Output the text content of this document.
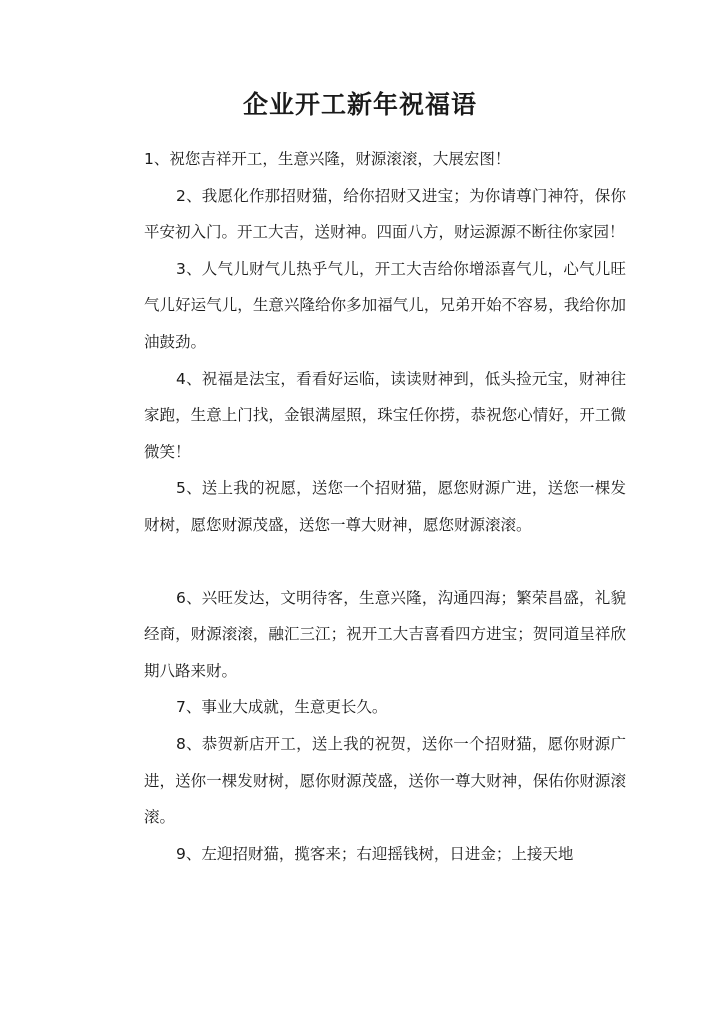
企业开工新年祝福语

1、祝您吉祥开工，生意兴隆，财源滚滚，大展宏图！

2、我愿化作那招财猫，给你招财又进宝；为你请尊门神符，保你平安初入门。开工大吉，送财神。四面八方，财运源源不断往你家园！

3、人气儿财气儿热乎气儿，开工大吉给你增添喜气儿，心气儿旺气儿好运气儿，生意兴隆给你多加福气儿，兄弟开始不容易，我给你加油鼓劲。

4、祝福是法宝，看看好运临，读读财神到，低头捡元宝，财神往家跑，生意上门找，金银满屋照，珠宝任你捞，恭祝您心情好，开工微微笑！

5、送上我的祝愿，送您一个招财猫，愿您财源广进，送您一棵发财树，愿您财源茂盛，送您一尊大财神，愿您财源滚滚。

6、兴旺发达，文明待客，生意兴隆，沟通四海；繁荣昌盛，礼貌经商，财源滚滚，融汇三江；祝开工大吉喜看四方进宝；贺同道呈祥欣期八路来财。

7、事业大成就，生意更长久。

8、恭贺新店开工，送上我的祝贺，送你一个招财猫，愿你财源广进，送你一棵发财树，愿你财源茂盛，送你一尊大财神，保佑你财源滚滚。

9、左迎招财猫，揽客来；右迎摇钱树，日进金；上接天地
